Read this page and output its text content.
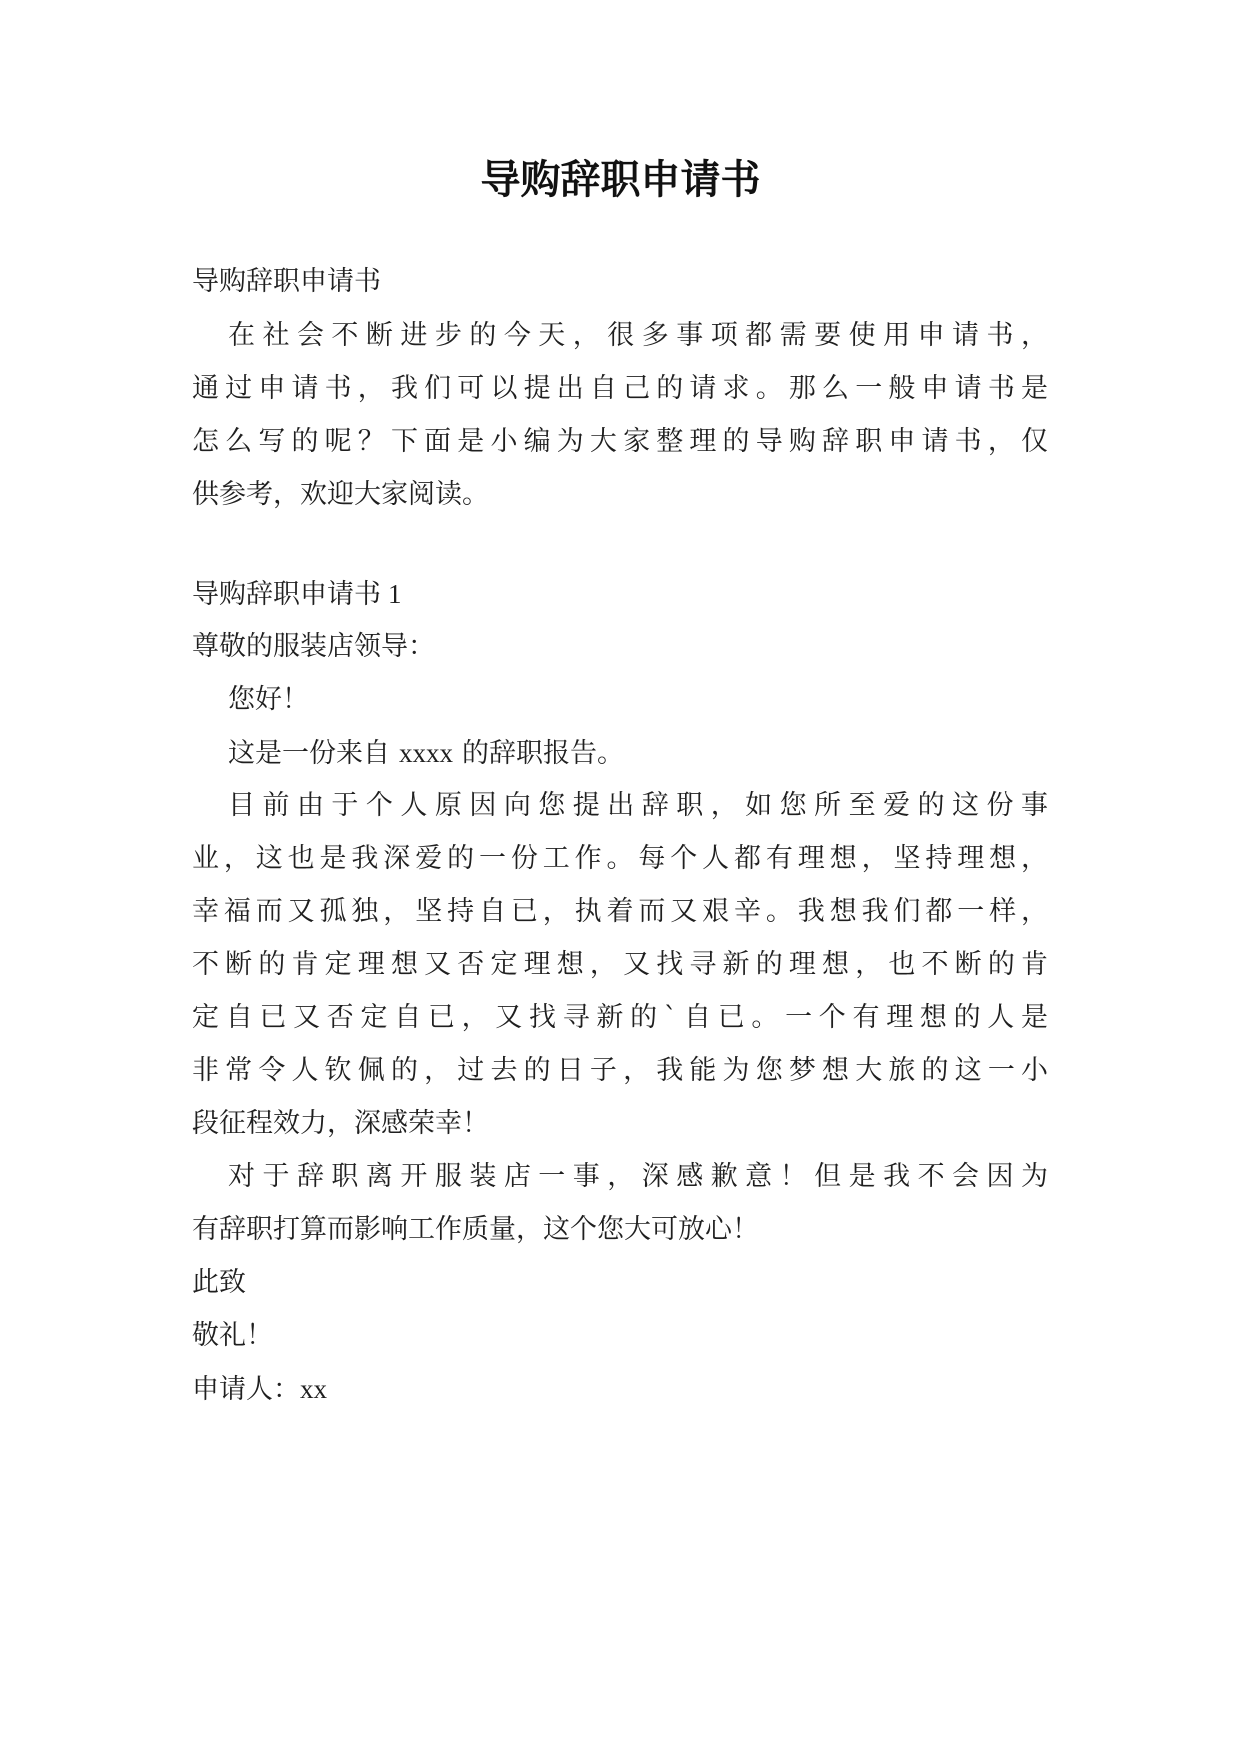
导购辞职申请书

导购辞职申请书

在社会不断进步的今天，很多事项都需要使用申请书，

通过申请书，我们可以提出自己的请求。那么一般申请书是

怎么写的呢？下面是小编为大家整理的导购辞职申请书，仅

供参考，欢迎大家阅读。

导购辞职申请书 1

尊敬的服装店领导：

您好！

这是一份来自 xxxx 的辞职报告。

目前由于个人原因向您提出辞职，如您所至爱的这份事

业，这也是我深爱的一份工作。每个人都有理想，坚持理想，

幸福而又孤独，坚持自已，执着而又艰辛。我想我们都一样，

不断的肯定理想又否定理想，又找寻新的理想，也不断的肯

定自已又否定自已，又找寻新的`自已。一个有理想的人是

非常令人钦佩的，过去的日子，我能为您梦想大旅的这一小

段征程效力，深感荣幸！

对于辞职离开服装店一事，深感歉意！但是我不会因为

有辞职打算而影响工作质量，这个您大可放心！

此致

敬礼！

申请人：xx
